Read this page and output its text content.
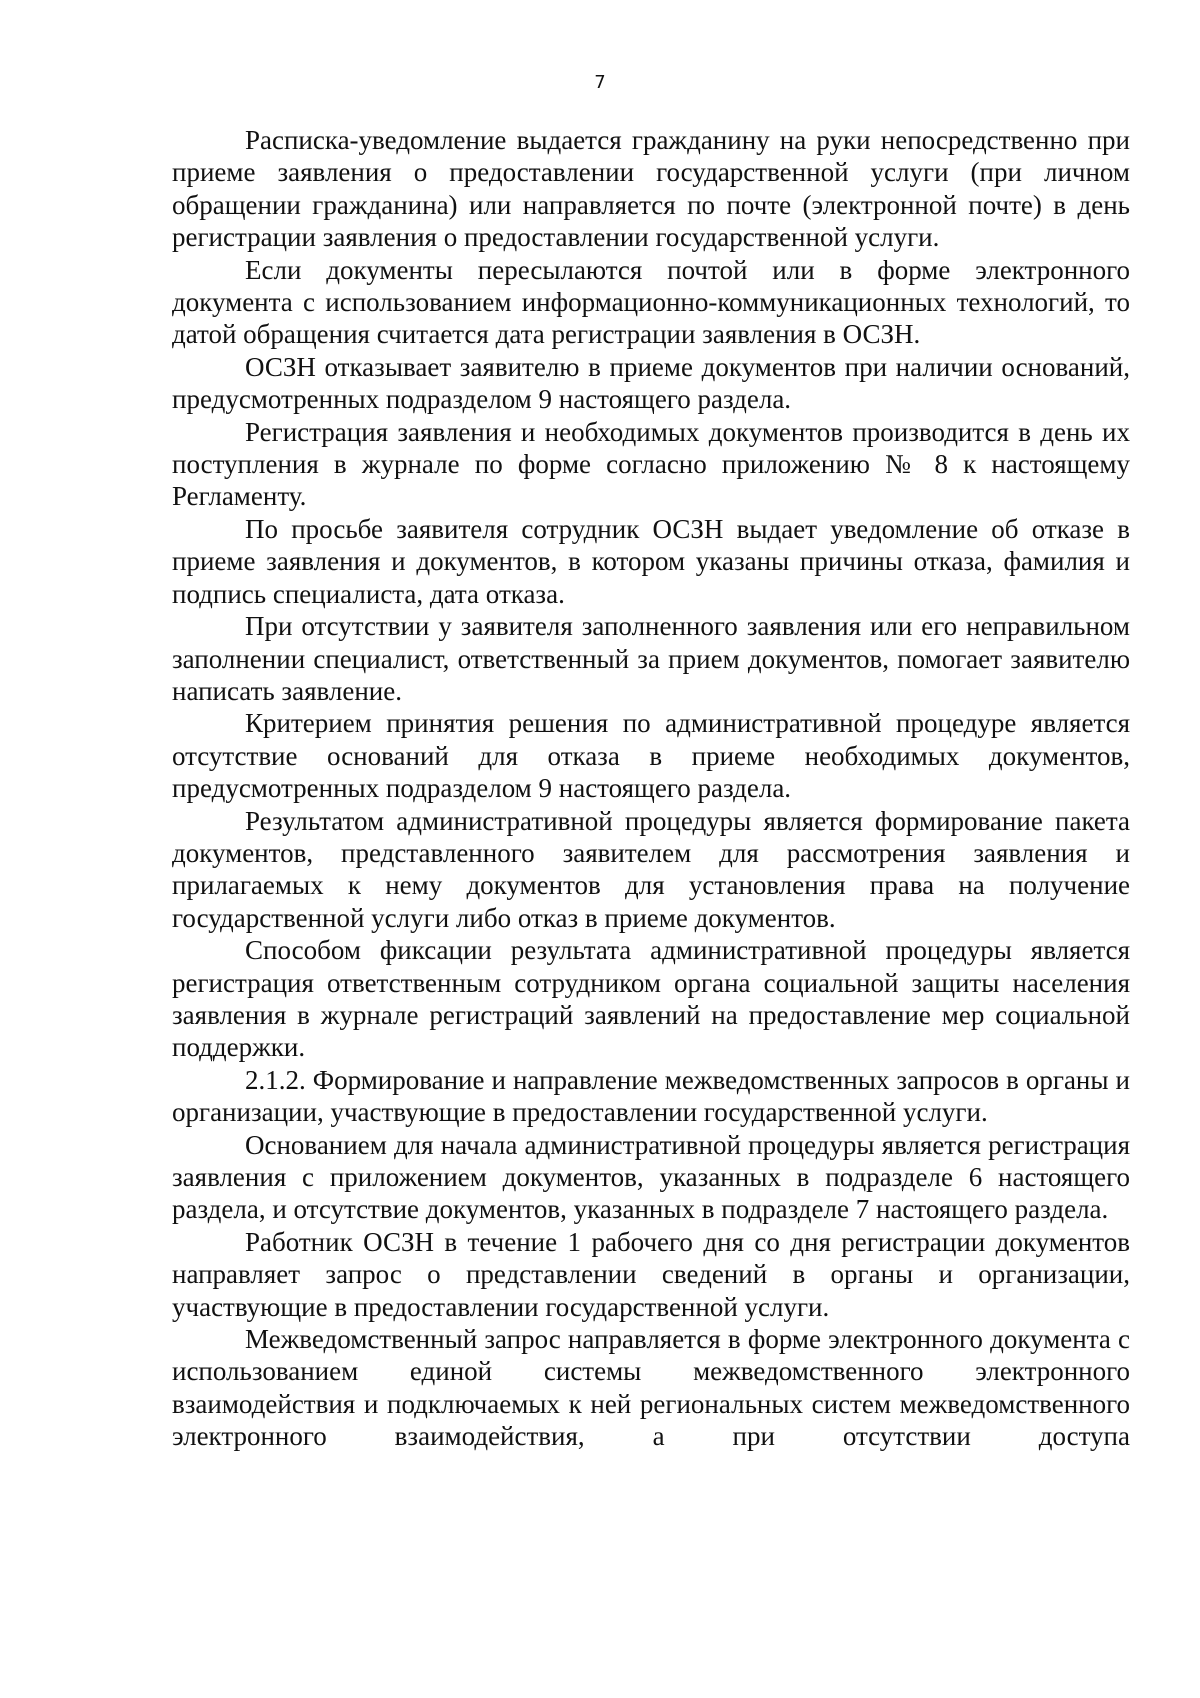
7

Расписка-уведомление выдается гражданину на руки непосредственно при приеме заявления о предоставлении государственной услуги (при личном обращении гражданина) или направляется по почте (электронной почте) в день регистрации заявления о предоставлении государственной услуги.

Если документы пересылаются почтой или в форме электронного документа с использованием информационно-коммуникационных технологий, то датой обращения считается дата регистрации заявления в ОСЗН.

ОСЗН отказывает заявителю в приеме документов при наличии оснований, предусмотренных подразделом 9 настоящего раздела.

Регистрация заявления и необходимых документов производится в день их поступления в журнале по форме согласно приложению № 8 к настоящему Регламенту.

По просьбе заявителя сотрудник ОСЗН выдает уведомление об отказе в приеме заявления и документов, в котором указаны причины отказа, фамилия и подпись специалиста, дата отказа.

При отсутствии у заявителя заполненного заявления или его неправильном заполнении специалист, ответственный за прием документов, помогает заявителю написать заявление.

Критерием принятия решения по административной процедуре является отсутствие оснований для отказа в приеме необходимых документов, предусмотренных подразделом 9 настоящего раздела.

Результатом административной процедуры является формирование пакета документов, представленного заявителем для рассмотрения заявления и прилагаемых к нему документов для установления права на получение государственной услуги либо отказ в приеме документов.

Способом фиксации результата административной процедуры является регистрация ответственным сотрудником органа социальной защиты населения заявления в журнале регистраций заявлений на предоставление мер социальной поддержки.

2.1.2. Формирование и направление межведомственных запросов в органы и организации, участвующие в предоставлении государственной услуги.

Основанием для начала административной процедуры является регистрация заявления с приложением документов, указанных в подразделе 6 настоящего раздела, и отсутствие документов, указанных в подразделе 7 настоящего раздела.

Работник ОСЗН в течение 1 рабочего дня со дня регистрации документов направляет запрос о представлении сведений в органы и организации, участвующие в предоставлении государственной услуги.

Межведомственный запрос направляется в форме электронного документа с использованием единой системы межведомственного электронного взаимодействия и подключаемых к ней региональных систем межведомственного электронного взаимодействия, а при отсутствии доступа
